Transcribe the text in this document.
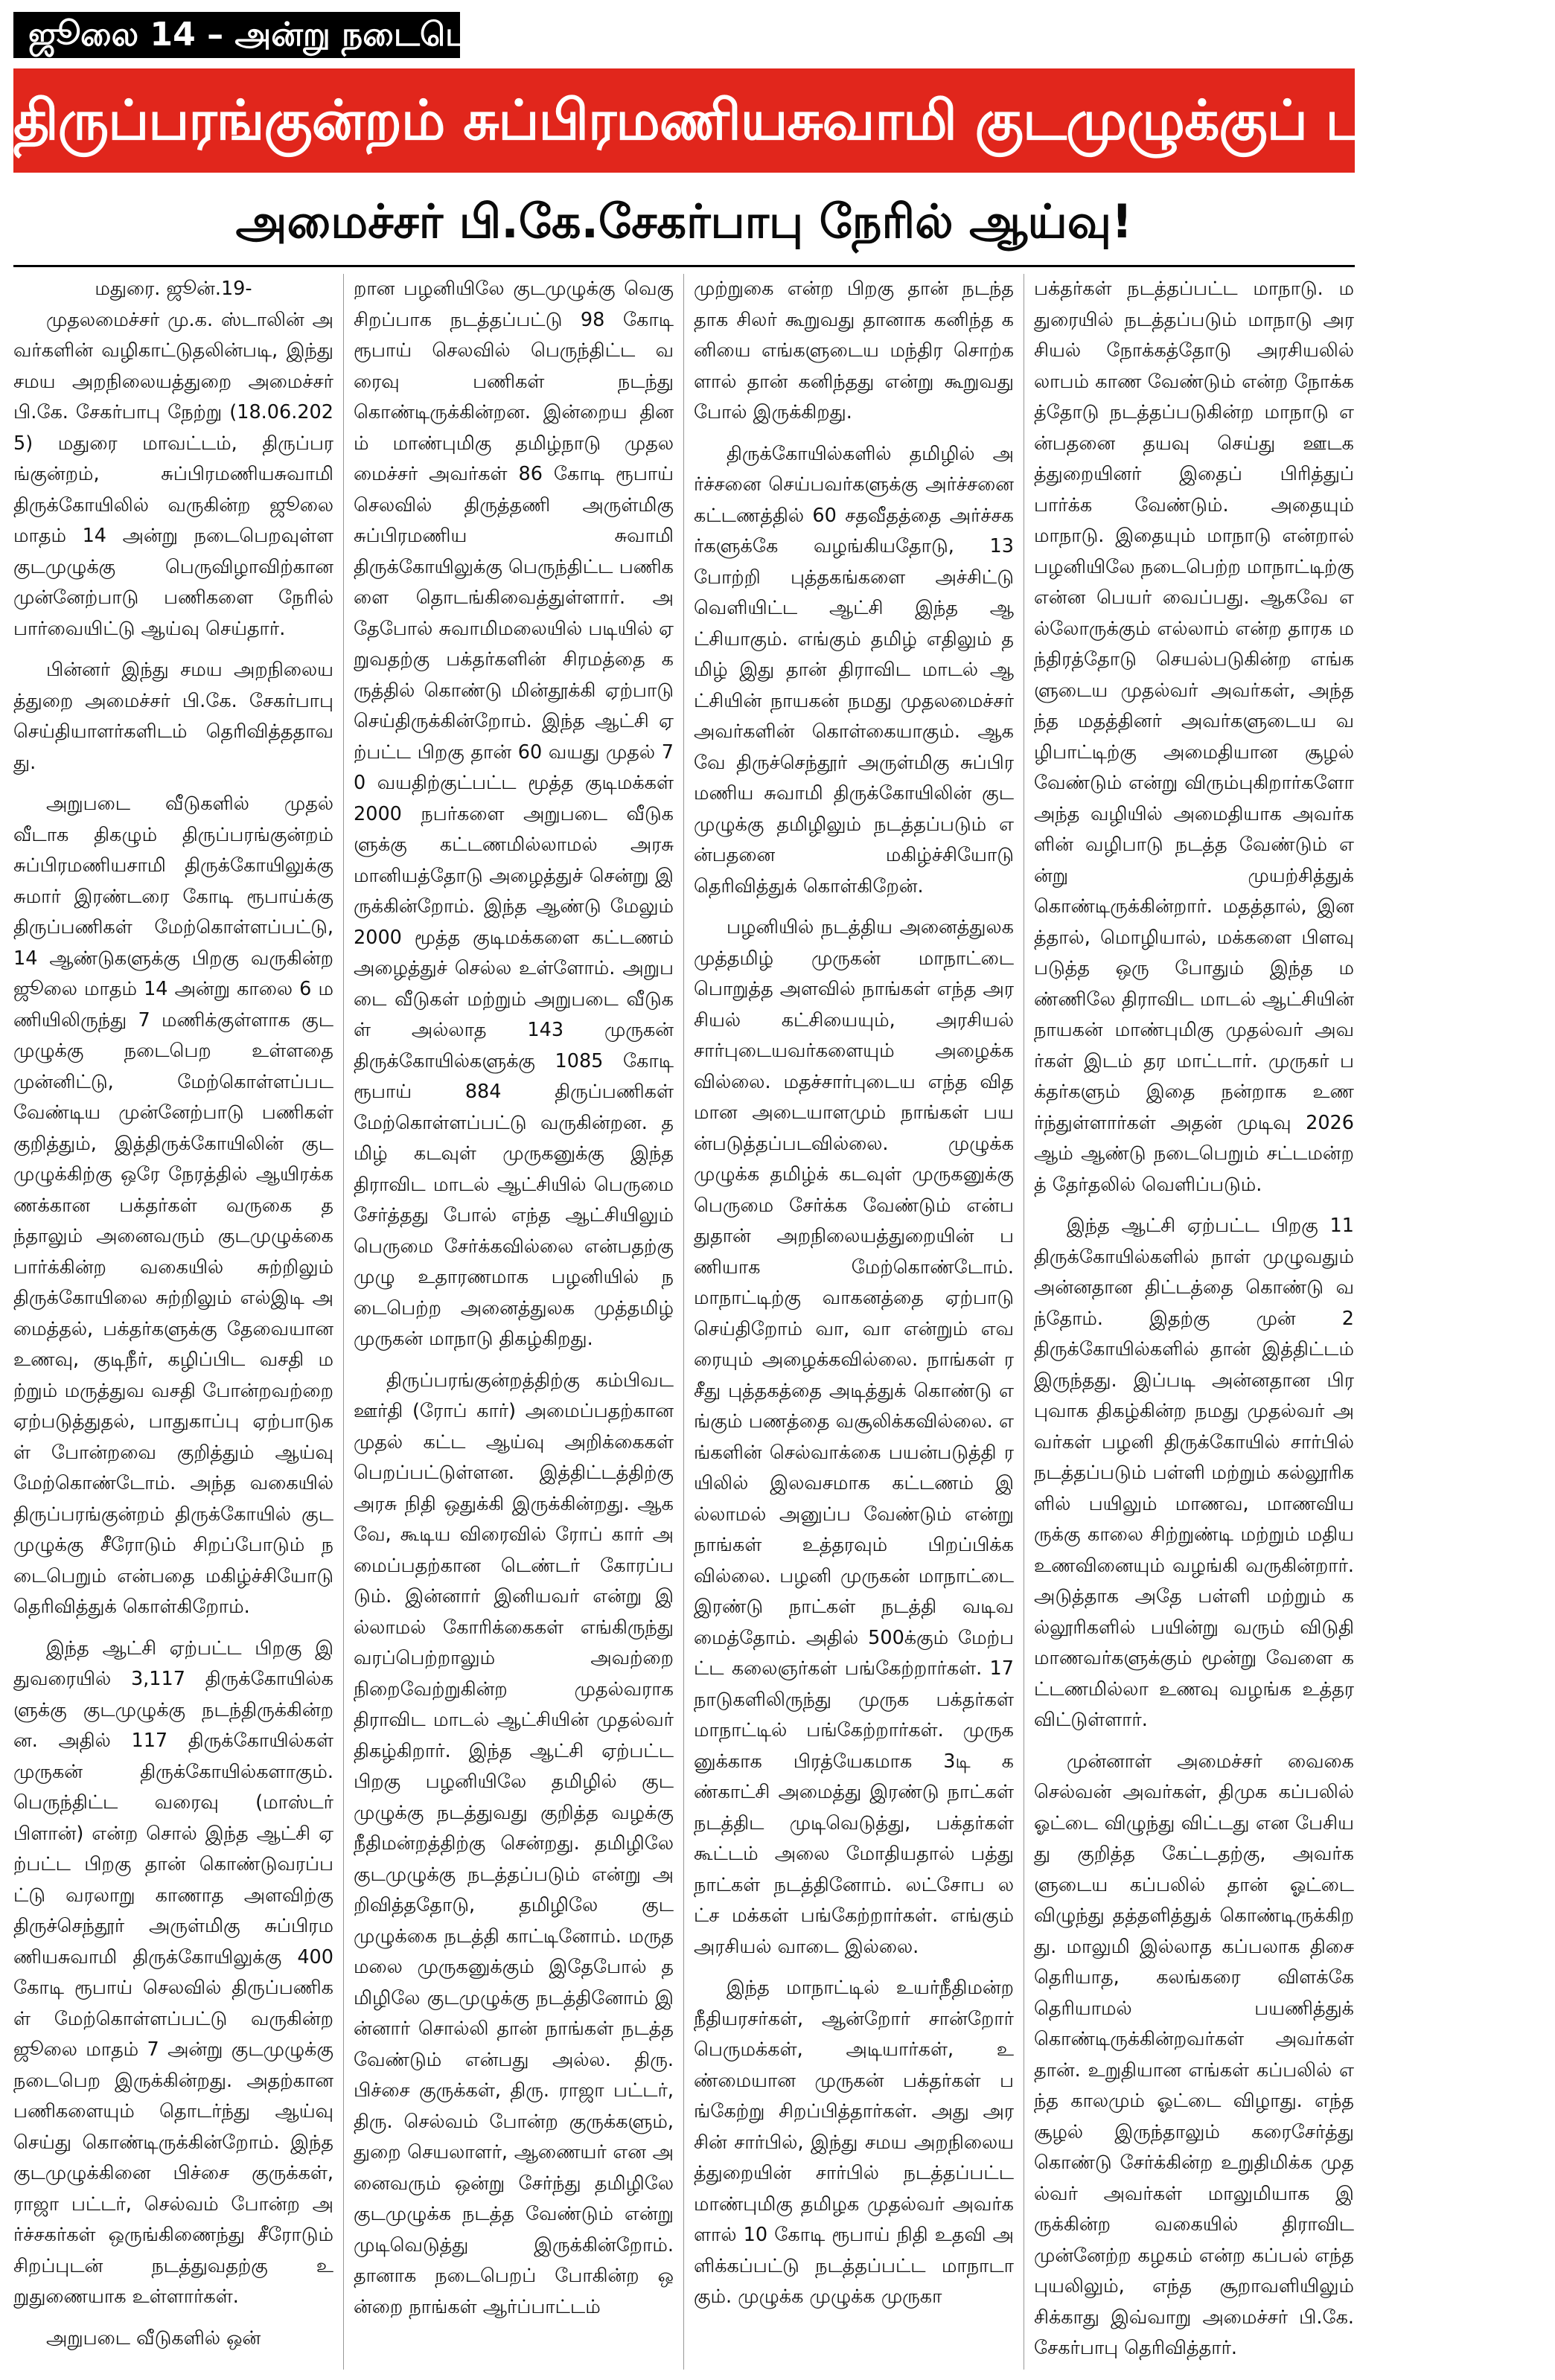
ஜூலை 14 – அன்று நடைபெறும்
திருப்பரங்குன்றம் சுப்பிரமணியசுவாமி குடமுழுக்குப் பணிகள்!
அமைச்சர் பி.கே.சேகர்பாபு நேரில் ஆய்வு!

மதுரை. ஜூன்.19-

முதலமைச்சர் மு.க. ஸ்டாலின் அவர்களின் வழிகாட்டுதலின்படி, இந்து சமய அறநிலையத்துறை அமைச்சர் பி.கே. சேகர்பாபு நேற்று (18.06.2025) மதுரை மாவட்டம், திருப்பரங்குன்றம், சுப்பிரமணியசுவாமி திருக்கோயிலில் வருகின்ற ஜூலை மாதம் 14 அன்று நடைபெறவுள்ள குடமுழுக்கு பெருவிழாவிற்கான முன்னேற்பாடு பணிகளை நேரில் பார்வையிட்டு ஆய்வு செய்தார்.

பின்னர் இந்து சமய அறநிலையத்துறை அமைச்சர் பி.கே. சேகர்பாபு செய்தியாளர்களிடம் தெரிவித்ததாவது.

அறுபடை வீடுகளில் முதல் வீடாக திகழும் திருப்பரங்குன்றம் சுப்பிரமணியசாமி திருக்கோயிலுக்கு சுமார் இரண்டரை கோடி ரூபாய்க்கு திருப்பணிகள் மேற்கொள்ளப்பட்டு, 14 ஆண்டுகளுக்கு பிறகு வருகின்ற ஜூலை மாதம் 14 அன்று காலை 6 மணியிலிருந்து 7 மணிக்குள்ளாக குடமுழுக்கு நடைபெற உள்ளதை முன்னிட்டு, மேற்கொள்ளப்பட வேண்டிய முன்னேற்பாடு பணிகள் குறித்தும், இத்திருக்கோயிலின் குடமுழுக்கிற்கு ஒரே நேரத்தில் ஆயிரக்கணக்கான பக்தர்கள் வருகை தந்தாலும் அனைவரும் குடமுழுக்கை பார்க்கின்ற வகையில் சுற்றிலும் திருக்கோயிலை சுற்றிலும் எல்இடி அமைத்தல், பக்தர்களுக்கு தேவையான உணவு, குடிநீர், கழிப்பிட வசதி மற்றும் மருத்துவ வசதி போன்றவற்றை ஏற்படுத்துதல், பாதுகாப்பு ஏற்பாடுகள் போன்றவை குறித்தும் ஆய்வு மேற்கொண்டோம். அந்த வகையில் திருப்பரங்குன்றம் திருக்கோயில் குடமுழுக்கு சீரோடும் சிறப்போடும் நடைபெறும் என்பதை மகிழ்ச்சியோடு தெரிவித்துக் கொள்கிறோம்.

இந்த ஆட்சி ஏற்பட்ட பிறகு இதுவரையில் 3,117 திருக்கோயில்களுக்கு குடமுழுக்கு நடந்திருக்கின்றன. அதில் 117 திருக்கோயில்கள் முருகன் திருக்கோயில்களாகும். பெருந்திட்ட வரைவு (மாஸ்டர் பிளான்) என்ற சொல் இந்த ஆட்சி ஏற்பட்ட பிறகு தான் கொண்டுவரப்பட்டு வரலாறு காணாத அளவிற்கு திருச்செந்தூர் அருள்மிகு சுப்பிரமணியசுவாமி திருக்கோயிலுக்கு 400 கோடி ரூபாய் செலவில் திருப்பணிகள் மேற்கொள்ளப்பட்டு வருகின்ற ஜூலை மாதம் 7 அன்று குடமுழுக்கு நடைபெற இருக்கின்றது. அதற்கான பணிகளையும் தொடர்ந்து ஆய்வு செய்து கொண்டிருக்கின்றோம். இந்த குடமுழுக்கினை பிச்சை குருக்கள், ராஜா பட்டர், செல்வம் போன்ற அர்ச்சகர்கள் ஒருங்கிணைந்து சீரோடும் சிறப்புடன் நடத்துவதற்கு உறுதுணையாக உள்ளார்கள்.

அறுபடை வீடுகளில் ஒன்

றான பழனியிலே குடமுழுக்கு வெகு சிறப்பாக நடத்தப்பட்டு 98 கோடி ரூபாய் செலவில் பெருந்திட்ட வரைவு பணிகள் நடந்து கொண்டிருக்கின்றன. இன்றைய தினம் மாண்புமிகு தமிழ்நாடு முதலமைச்சர் அவர்கள் 86 கோடி ரூபாய் செலவில் திருத்தணி அருள்மிகு சுப்பிரமணிய சுவாமி திருக்கோயிலுக்கு பெருந்திட்ட பணிகளை தொடங்கிவைத்துள்ளார். அதேபோல் சுவாமிமலையில் படியில் ஏறுவதற்கு பக்தர்களின் சிரமத்தை கருத்தில் கொண்டு மின்தூக்கி ஏற்பாடு செய்திருக்கின்றோம். இந்த ஆட்சி ஏற்பட்ட பிறகு தான் 60 வயது முதல் 70 வயதிற்குட்பட்ட மூத்த குடிமக்கள் 2000 நபர்களை அறுபடை வீடுகளுக்கு கட்டணமில்லாமல் அரசு மானியத்தோடு அழைத்துச் சென்று இருக்கின்றோம். இந்த ஆண்டு மேலும் 2000 மூத்த குடிமக்களை கட்டணம் அழைத்துச் செல்ல உள்ளோம். அறுபடை வீடுகள் மற்றும் அறுபடை வீடுகள் அல்லாத 143 முருகன் திருக்கோயில்களுக்கு 1085 கோடி ரூபாய் 884 திருப்பணிகள் மேற்கொள்ளப்பட்டு வருகின்றன. தமிழ் கடவுள் முருகனுக்கு இந்த திராவிட மாடல் ஆட்சியில் பெருமை சேர்த்தது போல் எந்த ஆட்சியிலும் பெருமை சேர்க்கவில்லை என்பதற்கு முழு உதாரணமாக பழனியில் நடைபெற்ற அனைத்துலக முத்தமிழ் முருகன் மாநாடு திகழ்கிறது.

திருப்பரங்குன்றத்திற்கு கம்பிவட ஊர்தி (ரோப் கார்) அமைப்பதற்கான முதல் கட்ட ஆய்வு அறிக்கைகள் பெறப்பட்டுள்ளன. இத்திட்டத்திற்கு அரசு நிதி ஒதுக்கி இருக்கின்றது. ஆகவே, கூடிய விரைவில் ரோப் கார் அமைப்பதற்கான டெண்டர் கோரப்படும். இன்னார் இனியவர் என்று இல்லாமல் கோரிக்கைகள் எங்கிருந்து வரப்பெற்றாலும் அவற்றை நிறைவேற்றுகின்ற முதல்வராக திராவிட மாடல் ஆட்சியின் முதல்வர் திகழ்கிறார். இந்த ஆட்சி ஏற்பட்ட பிறகு பழனியிலே தமிழில் குடமுழுக்கு நடத்துவது குறித்த வழக்கு நீதிமன்றத்திற்கு சென்றது. தமிழிலே குடமுழுக்கு நடத்தப்படும் என்று அறிவித்ததோடு, தமிழிலே குடமுழுக்கை நடத்தி காட்டினோம். மருதமலை முருகனுக்கும் இதேபோல் தமிழிலே குடமுழுக்கு நடத்தினோம் இன்னார் சொல்லி தான் நாங்கள் நடத்த வேண்டும் என்பது அல்ல. திரு. பிச்சை குருக்கள், திரு. ராஜா பட்டர், திரு. செல்வம் போன்ற குருக்களும், துறை செயலாளர், ஆணையர் என அனைவரும் ஒன்று சேர்ந்து தமிழிலே குடமுழுக்க நடத்த வேண்டும் என்று முடிவெடுத்து இருக்கின்றோம். தானாக நடைபெறப் போகின்ற ஒன்றை நாங்கள் ஆர்ப்பாட்டம்

முற்றுகை என்ற பிறகு தான் நடந்ததாக சிலர் கூறுவது தானாக கனிந்த கனியை எங்களுடைய மந்திர சொற்களால் தான் கனிந்தது என்று கூறுவது போல் இருக்கிறது.

திருக்கோயில்களில் தமிழில் அர்ச்சனை செய்பவர்களுக்கு அர்ச்சனை கட்டணத்தில் 60 சதவீதத்தை அர்ச்சகர்களுக்கே வழங்கியதோடு, 13 போற்றி புத்தகங்களை அச்சிட்டு வெளியிட்ட ஆட்சி இந்த ஆட்சியாகும். எங்கும் தமிழ் எதிலும் தமிழ் இது தான் திராவிட மாடல் ஆட்சியின் நாயகன் நமது முதலமைச்சர் அவர்களின் கொள்கையாகும். ஆகவே திருச்செந்தூர் அருள்மிகு சுப்பிரமணிய சுவாமி திருக்கோயிலின் குடமுழுக்கு தமிழிலும் நடத்தப்படும் என்பதனை மகிழ்ச்சியோடு தெரிவித்துக் கொள்கிறேன்.

பழனியில் நடத்திய அனைத்துலக முத்தமிழ் முருகன் மாநாட்டை பொறுத்த அளவில் நாங்கள் எந்த அரசியல் கட்சியையும், அரசியல் சார்புடையவர்களையும் அழைக்கவில்லை. மதச்சார்புடைய எந்த விதமான அடையாளமும் நாங்கள் பயன்படுத்தப்படவில்லை. முழுக்க முழுக்க தமிழ்க் கடவுள் முருகனுக்கு பெருமை சேர்க்க வேண்டும் என்பதுதான் அறநிலையத்துறையின் பணியாக மேற்கொண்டோம். மாநாட்டிற்கு வாகனத்தை ஏற்பாடு செய்திறோம் வா, வா என்றும் எவரையும் அழைக்கவில்லை. நாங்கள் ரசீது புத்தகத்தை அடித்துக் கொண்டு எங்கும் பணத்தை வசூலிக்கவில்லை. எங்களின் செல்வாக்கை பயன்படுத்தி ரயிலில் இலவசமாக கட்டணம் இல்லாமல் அனுப்ப வேண்டும் என்று நாங்கள் உத்தரவும் பிறப்பிக்கவில்லை. பழனி முருகன் மாநாட்டை இரண்டு நாட்கள் நடத்தி வடிவமைத்தோம். அதில் 500க்கும் மேற்பட்ட கலைஞர்கள் பங்கேற்றார்கள். 17 நாடுகளிலிருந்து முருக பக்தர்கள் மாநாட்டில் பங்கேற்றார்கள். முருகனுக்காக பிரத்யேகமாக 3டி கண்காட்சி அமைத்து இரண்டு நாட்கள் நடத்திட முடிவெடுத்து, பக்தர்கள் கூட்டம் அலை மோதியதால் பத்து நாட்கள் நடத்தினோம். லட்சோப லட்ச மக்கள் பங்கேற்றார்கள். எங்கும் அரசியல் வாடை இல்லை.

இந்த மாநாட்டில் உயர்நீதிமன்ற நீதியரசர்கள், ஆன்றோர் சான்றோர் பெருமக்கள், அடியார்கள், உண்மையான முருகன் பக்தர்கள் பங்கேற்று சிறப்பித்தார்கள். அது அரசின் சார்பில், இந்து சமய அறநிலையத்துறையின் சார்பில் நடத்தப்பட்ட மாண்புமிகு தமிழக முதல்வர் அவர்களால் 10 கோடி ரூபாய் நிதி உதவி அளிக்கப்பட்டு நடத்தப்பட்ட மாநாடா கும். முழுக்க முழுக்க முருகா

பக்தர்கள் நடத்தப்பட்ட மாநாடு. மதுரையில் நடத்தப்படும் மாநாடு அரசியல் நோக்கத்தோடு அரசியலில் லாபம் காண வேண்டும் என்ற நோக்கத்தோடு நடத்தப்படுகின்ற மாநாடு என்பதனை தயவு செய்து ஊடகத்துறையினர் இதைப் பிரித்துப் பார்க்க வேண்டும். அதையும் மாநாடு. இதையும் மாநாடு என்றால் பழனியிலே நடைபெற்ற மாநாட்டிற்கு என்ன பெயர் வைப்பது. ஆகவே எல்லோருக்கும் எல்லாம் என்ற தாரக மந்திரத்தோடு செயல்படுகின்ற எங்களுடைய முதல்வர் அவர்கள், அந்தந்த மதத்தினர் அவர்களுடைய வழிபாட்டிற்கு அமைதியான சூழல் வேண்டும் என்று விரும்புகிறார்களோ அந்த வழியில் அமைதியாக அவர்களின் வழிபாடு நடத்த வேண்டும் என்று முயற்சித்துக் கொண்டிருக்கின்றார். மதத்தால், இனத்தால், மொழியால், மக்களை பிளவு படுத்த ஒரு போதும் இந்த மண்ணிலே திராவிட மாடல் ஆட்சியின் நாயகன் மாண்புமிகு முதல்வர் அவர்கள் இடம் தர மாட்டார். முருகர் பக்தர்களும் இதை நன்றாக உணர்ந்துள்ளார்கள் அதன் முடிவு 2026 ஆம் ஆண்டு நடைபெறும் சட்டமன்றத் தேர்தலில் வெளிப்படும்.

இந்த ஆட்சி ஏற்பட்ட பிறகு 11 திருக்கோயில்களில் நாள் முழுவதும் அன்னதான திட்டத்தை கொண்டு வந்தோம். இதற்கு முன் 2 திருக்கோயில்களில் தான் இத்திட்டம் இருந்தது. இப்படி அன்னதான பிரபுவாக திகழ்கின்ற நமது முதல்வர் அவர்கள் பழனி திருக்கோயில் சார்பில் நடத்தப்படும் பள்ளி மற்றும் கல்லூரிகளில் பயிலும் மாணவ, மாணவியருக்கு காலை சிற்றுண்டி மற்றும் மதிய உணவினையும் வழங்கி வருகின்றார். அடுத்தாக அதே பள்ளி மற்றும் கல்லூரிகளில் பயின்று வரும் விடுதி மாணவர்களுக்கும் மூன்று வேளை கட்டணமில்லா உணவு வழங்க உத்தரவிட்டுள்ளார்.

முன்னாள் அமைச்சர் வைகை செல்வன் அவர்கள், திமுக கப்பலில் ஓட்டை விழுந்து விட்டது என பேசியது குறித்த கேட்டதற்கு, அவர்களுடைய கப்பலில் தான் ஓட்டை விழுந்து தத்தளித்துக் கொண்டிருக்கிறது. மாலுமி இல்லாத கப்பலாக திசை தெரியாத, கலங்கரை விளக்கே தெரியாமல் பயணித்துக் கொண்டிருக்கின்றவர்கள் அவர்கள் தான். உறுதியான எங்கள் கப்பலில் எந்த காலமும் ஓட்டை விழாது. எந்த சூழல் இருந்தாலும் கரைசேர்த்து கொண்டு சேர்க்கின்ற உறுதிமிக்க முதல்வர் அவர்கள் மாலுமியாக இருக்கின்ற வகையில் திராவிட முன்னேற்ற கழகம் என்ற கப்பல் எந்த புயலிலும், எந்த சூறாவளியிலும் சிக்காது இவ்வாறு அமைச்சர் பி.கே. சேகர்பாபு தெரிவித்தார்.
